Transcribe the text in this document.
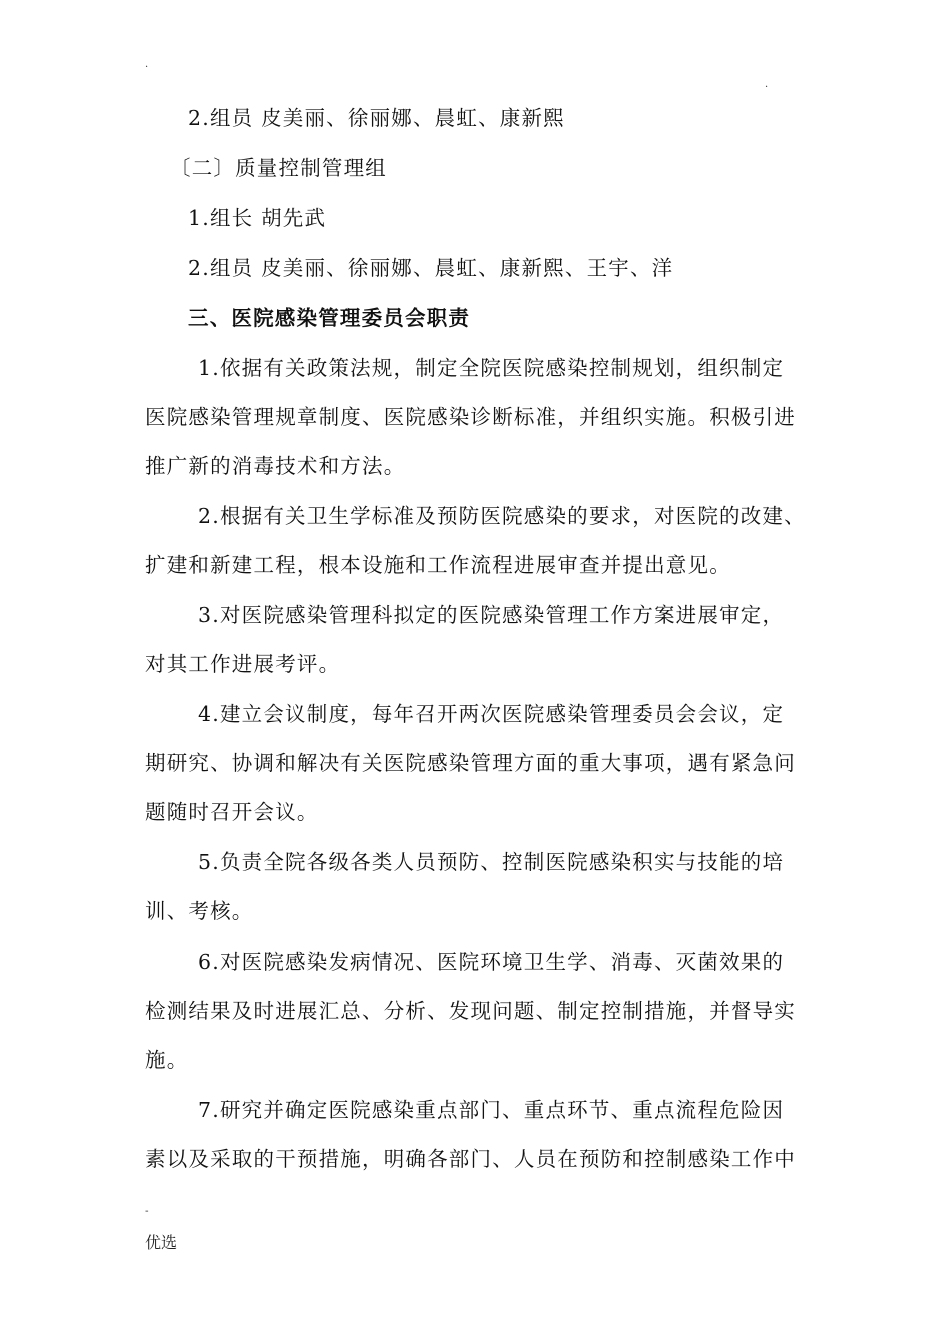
.
.
2.组员 皮美丽、徐丽娜、晨虹、康新熙
〔二〕质量控制管理组
1.组长 胡先武
2.组员 皮美丽、徐丽娜、晨虹、康新熙、王宇、洋
三、医院感染管理委员会职责
1.依据有关政策法规，制定全院医院感染控制规划，组织制定
医院感染管理规章制度、医院感染诊断标准，并组织实施。积极引进
推广新的消毒技术和方法。
2.根据有关卫生学标准及预防医院感染的要求，对医院的改建、
扩建和新建工程，根本设施和工作流程进展审查并提出意见。
3.对医院感染管理科拟定的医院感染管理工作方案进展审定，
对其工作进展考评。
4.建立会议制度，每年召开两次医院感染管理委员会会议，定
期研究、协调和解决有关医院感染管理方面的重大事项，遇有紧急问
题随时召开会议。
5.负责全院各级各类人员预防、控制医院感染积实与技能的培
训、考核。
6.对医院感染发病情况、医院环境卫生学、消毒、灭菌效果的
检测结果及时进展汇总、分析、发现问题、制定控制措施，并督导实
施。
7.研究并确定医院感染重点部门、重点环节、重点流程危险因
素以及采取的干预措施，明确各部门、人员在预防和控制感染工作中
-
优选
